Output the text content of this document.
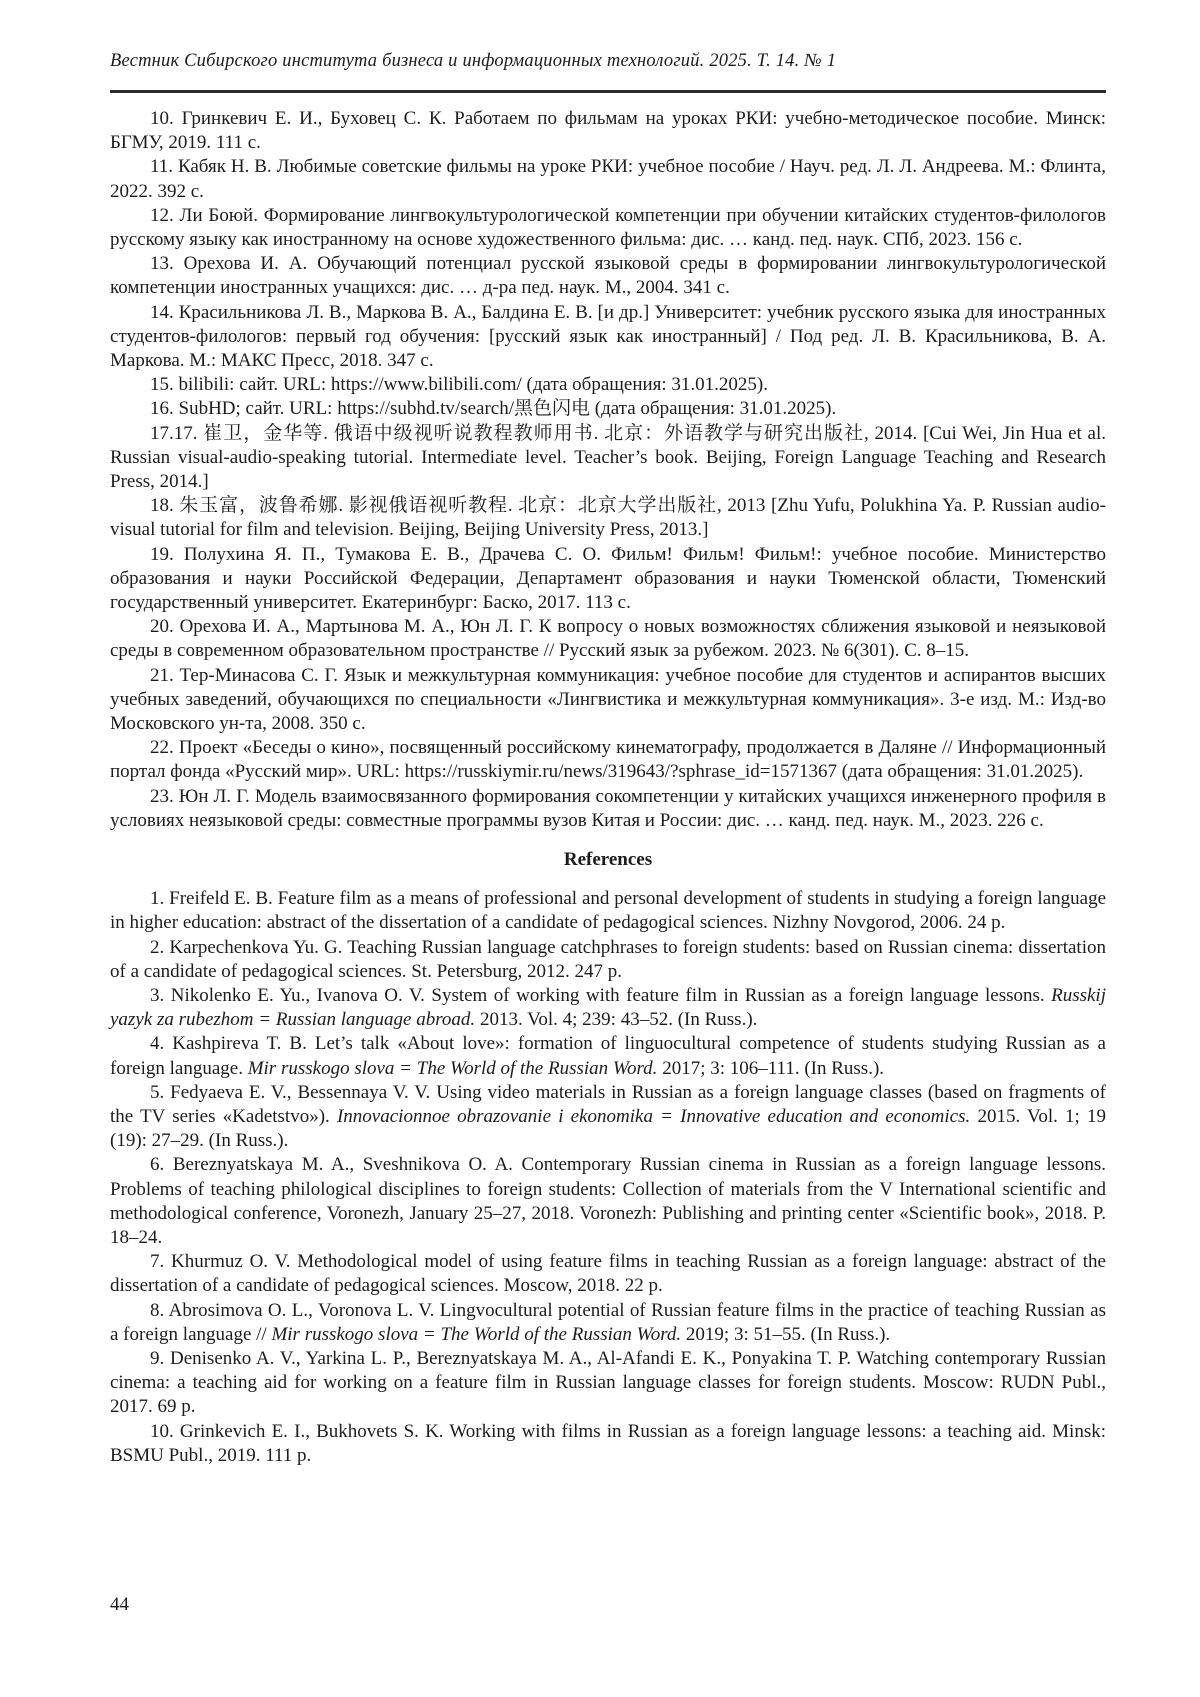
Вестник Сибирского института бизнеса и информационных технологий. 2025. Т. 14. № 1

10. Гринкевич Е. И., Буховец С. К. Работаем по фильмам на уроках РКИ: учебно-методическое пособие. Минск: БГМУ, 2019. 111 с.

11. Кабяк Н. В. Любимые советские фильмы на уроке РКИ: учебное пособие / Науч. ред. Л. Л. Андреева. М.: Флинта, 2022. 392 с.

12. Ли Боюй. Формирование лингвокультурологической компетенции при обучении китайских студентов-филологов русскому языку как иностранному на основе художественного фильма: дис. … канд. пед. наук. СПб, 2023. 156 с.

13. Орехова И. А. Обучающий потенциал русской языковой среды в формировании лингвокультурологической компетенции иностранных учащихся: дис. … д-ра пед. наук. М., 2004. 341 с.

14. Красильникова Л. В., Маркова В. А., Балдина Е. В. [и др.] Университет: учебник русского языка для иностранных студентов-филологов: первый год обучения: [русский язык как иностранный] / Под ред. Л. В. Красильникова, В. А. Маркова. М.: МАКС Пресс, 2018. 347 с.

15. bilibili: сайт. URL: https://www.bilibili.com/ (дата обращения: 31.01.2025).

16. SubHD; сайт. URL: https://subhd.tv/search/黑色闪电 (дата обращения: 31.01.2025).

17.17. 崔卫，金华等. 俄语中级视听说教程教师用书. 北京：外语教学与研究出版社, 2014. [Cui Wei, Jin Hua et al. Russian visual-audio-speaking tutorial. Intermediate level. Teacher’s book. Beijing, Foreign Language Teaching and Research Press, 2014.]

18. 朱玉富，波鲁希娜. 影视俄语视听教程. 北京：北京大学出版社, 2013 [Zhu Yufu, Polukhina Ya. P. Russian audio-visual tutorial for film and television. Beijing, Beijing University Press, 2013.]

19. Полухина Я. П., Тумакова Е. В., Драчева С. О. Фильм! Фильм! Фильм!: учебное пособие. Министерство образования и науки Российской Федерации, Департамент образования и науки Тюменской области, Тюменский государственный университет. Екатеринбург: Баско, 2017. 113 с.

20. Орехова И. А., Мартынова М. А., Юн Л. Г. К вопросу о новых возможностях сближения языковой и неязыковой среды в современном образовательном пространстве // Русский язык за рубежом. 2023. № 6(301). С. 8–15.

21. Тер-Минасова С. Г. Язык и межкультурная коммуникация: учебное пособие для студентов и аспирантов высших учебных заведений, обучающихся по специальности «Лингвистика и межкультурная коммуникация». 3-е изд. М.: Изд-во Московского ун-та, 2008. 350 с.

22. Проект «Беседы о кино», посвященный российскому кинематографу, продолжается в Даляне // Информационный портал фонда «Русский мир». URL: https://russkiymir.ru/news/319643/?sphrase_id=1571367 (дата обращения: 31.01.2025).

23. Юн Л. Г. Модель взаимосвязанного формирования сокомпетенции у китайских учащихся инженерного профиля в условиях неязыковой среды: совместные программы вузов Китая и России: дис. … канд. пед. наук. М., 2023. 226 с.

References

1. Freifeld E. B. Feature film as a means of professional and personal development of students in studying a foreign language in higher education: abstract of the dissertation of a candidate of pedagogical sciences. Nizhny Novgorod, 2006. 24 p.

2. Karpechenkova Yu. G. Teaching Russian language catchphrases to foreign students: based on Russian cinema: dissertation of a candidate of pedagogical sciences. St. Petersburg, 2012. 247 p.

3. Nikolenko E. Yu., Ivanova O. V. System of working with feature film in Russian as a foreign language lessons. Russkij yazyk za rubezhom = Russian language abroad. 2013. Vol. 4; 239: 43–52. (In Russ.).

4. Kashpireva T. B. Let’s talk «About love»: formation of linguocultural competence of students studying Russian as a foreign language. Mir russkogo slova = The World of the Russian Word. 2017; 3: 106–111. (In Russ.).

5. Fedyaeva E. V., Bessennaya V. V. Using video materials in Russian as a foreign language classes (based on fragments of the TV series «Kadetstvo»). Innovacionnoe obrazovanie i ekonomika = Innovative education and economics. 2015. Vol. 1; 19 (19): 27–29. (In Russ.).

6. Bereznyatskaya M. A., Sveshnikova O. A. Contemporary Russian cinema in Russian as a foreign language lessons. Problems of teaching philological disciplines to foreign students: Collection of materials from the V International scientific and methodological conference, Voronezh, January 25–27, 2018. Voronezh: Publishing and printing center «Scientific book», 2018. P. 18–24.

7. Khurmuz O. V. Methodological model of using feature films in teaching Russian as a foreign language: abstract of the dissertation of a candidate of pedagogical sciences. Moscow, 2018. 22 p.

8. Abrosimova O. L., Voronova L. V. Lingvocultural potential of Russian feature films in the practice of teaching Russian as a foreign language // Mir russkogo slova = The World of the Russian Word. 2019; 3: 51–55. (In Russ.).

9. Denisenko A. V., Yarkina L. P., Bereznyatskaya M. A., Al-Afandi E. K., Ponyakina T. P. Watching contemporary Russian cinema: a teaching aid for working on a feature film in Russian language classes for foreign students. Moscow: RUDN Publ., 2017. 69 p.

10. Grinkevich E. I., Bukhovets S. K. Working with films in Russian as a foreign language lessons: a teaching aid. Minsk: BSMU Publ., 2019. 111 p.

44
